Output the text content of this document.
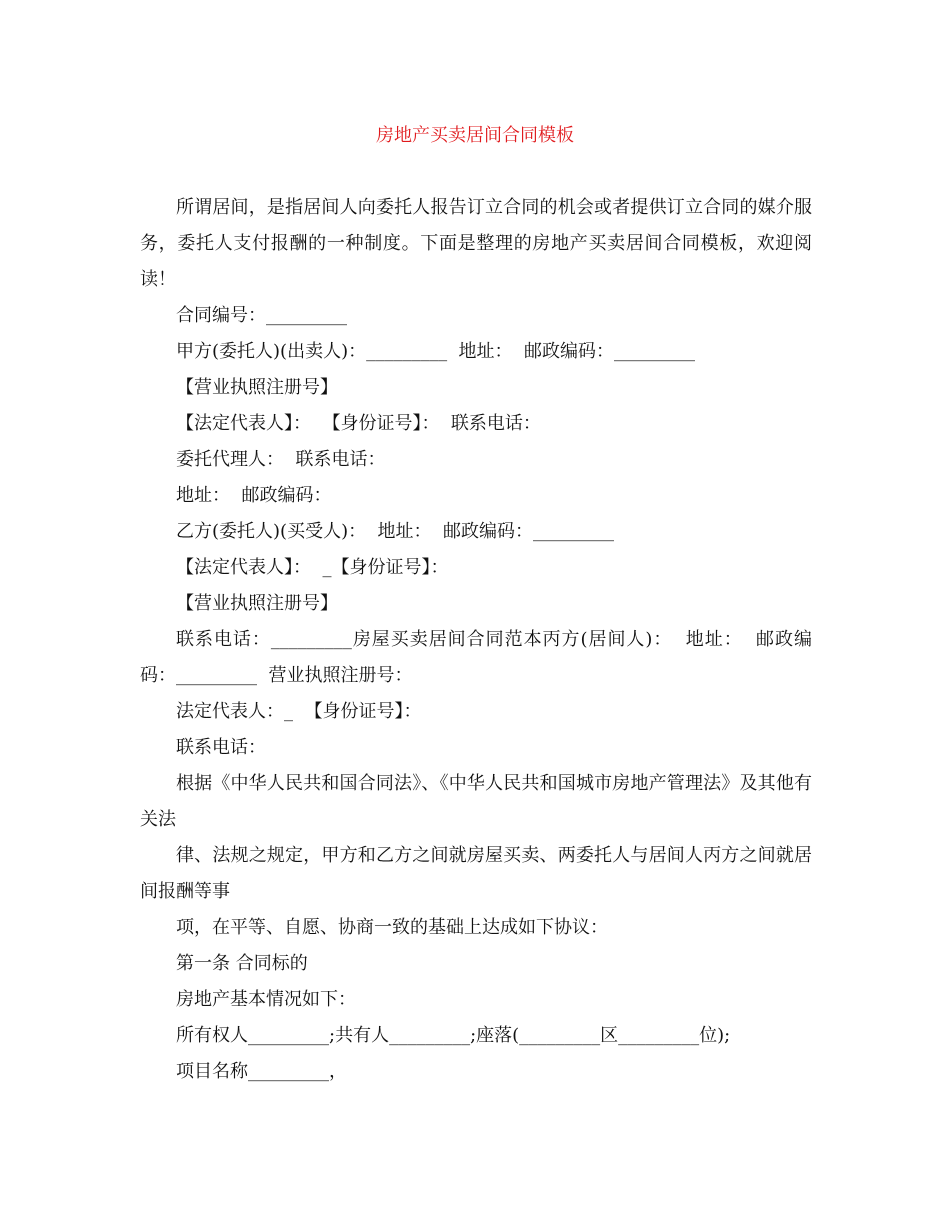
房地产买卖居间合同模板

所谓居间，是指居间人向委托人报告订立合同的机会或者提供订立合同的媒介服务，委托人支付报酬的一种制度。下面是整理的房地产买卖居间合同模板，欢迎阅读！

合同编号：_________

甲方(委托人)(出卖人)：_________  地址：  邮政编码：_________

【营业执照注册号】

【法定代表人】：  【身份证号】：  联系电话：

委托代理人：  联系电话：

地址：  邮政编码：

乙方(委托人)(买受人)：  地址：  邮政编码：_________

【法定代表人】：  _【身份证号】：

【营业执照注册号】

联系电话：_________房屋买卖居间合同范本丙方(居间人)：  地址：  邮政编码：_________  营业执照注册号：

法定代表人：_  【身份证号】：

联系电话：

根据《中华人民共和国合同法》、《中华人民共和国城市房地产管理法》及其他有关法

律、法规之规定，甲方和乙方之间就房屋买卖、两委托人与居间人丙方之间就居间报酬等事

项，在平等、自愿、协商一致的基础上达成如下协议：

第一条 合同标的

房地产基本情况如下：

所有权人_________;共有人_________;座落(_________区_________位);

项目名称_________，
